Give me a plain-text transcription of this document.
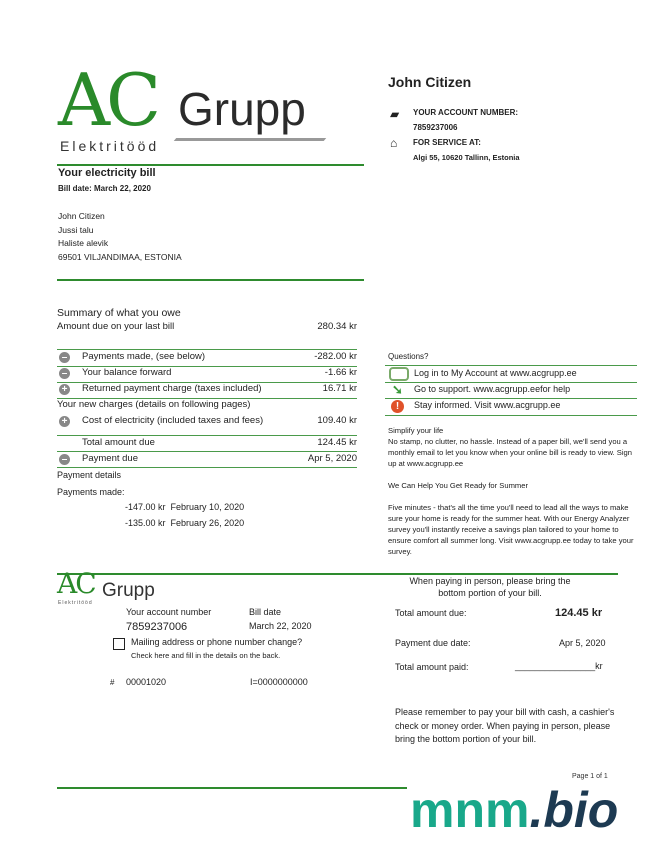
AC Grupp
Elektritööd
Your electricity bill
Bill date: March 22, 2020
John Citizen
Jussi talu
Haliste alevik
69501 VILJANDIMAA, ESTONIA
John Citizen
▰ YOUR ACCOUNT NUMBER:
7859237006
⌂ FOR SERVICE AT:
Algi 55, 10620 Tallinn, Estonia
Summary of what you owe
Amount due on your last bill	280.34 kr
– Payments made, (see below)	-282.00 kr
– Your balance forward	-1.66 kr
+ Returned payment charge (taxes included)	16.71 kr
Your new charges (details on following pages)
+ Cost of electricity (included taxes and fees)	109.40 kr
Total amount due	124.45 kr
– Payment due	Apr 5, 2020
Payment details
Payments made:
-147.00 kr February 10, 2020
-135.00 kr February 26, 2020
Questions?
Log in to My Account at www.acgrupp.ee
➘ Go to support. www.acgrupp.eefor help
!	Stay informed. Visit www.acgrupp.ee

Simplify your life

No stamp, no clutter, no hassle. Instead of a paper bill, we'll send you a monthly email to let you know when your online bill is ready to view. Sign up at www.acgrupp.ee

We Can Help You Get Ready for Summer

Five minutes - that's all the time you'll need to lead all the ways to make sure your home is ready for the summer heat. With our Energy Analyzer survey you'll instantly receive a savings plan tailored to your home to ensure comfort all summer long. Visit www.acgrupp.ee today to take your survey.

AC Grupp
Elektritööd
Your account number
7859237006
Bill date
March 22, 2020
Mailing address or phone number change?
Check here and fill in the details on the back.
# 00001020	I=0000000000
When paying in person, please bring the bottom portion of your bill.
Total amount due:	124.45 kr
Payment due date:	Apr 5, 2020
Total amount paid:	________________kr
Please remember to pay your bill with cash, a cashier's check or money order. When paying in person, please bring the bottom portion of your bill.
Page 1 of 1
mnm.bio
